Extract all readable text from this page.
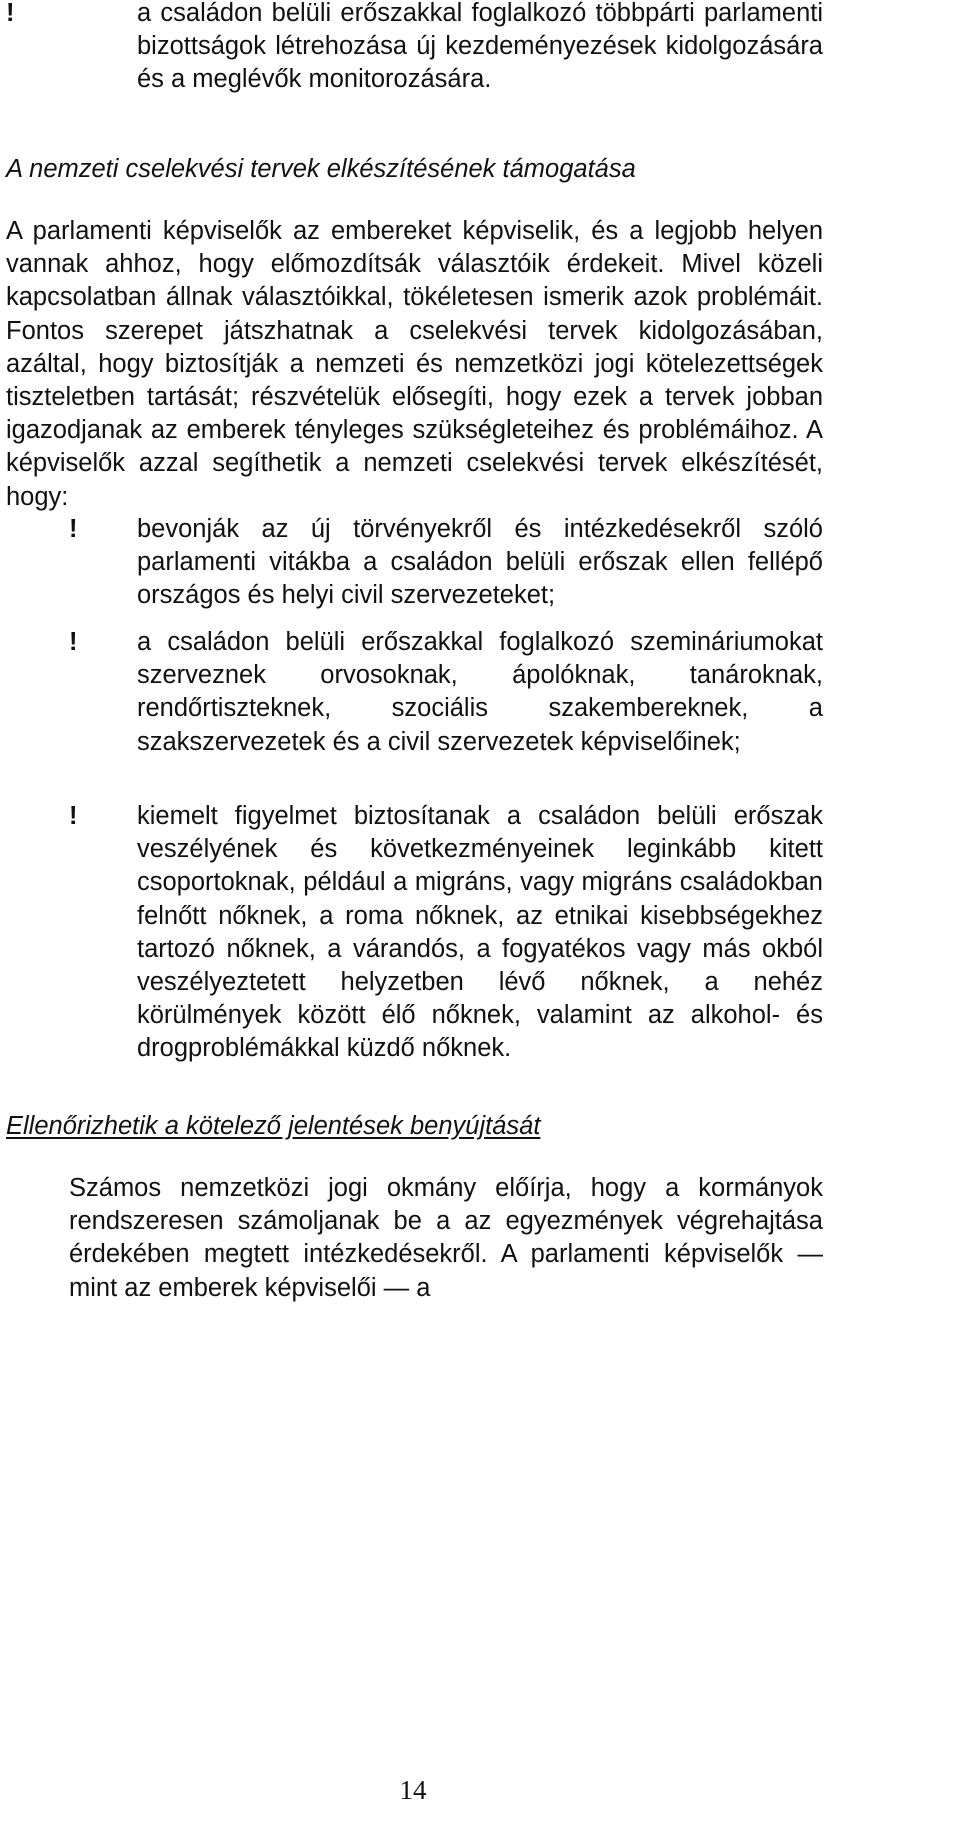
!	a családon belüli erőszakkal foglalkozó többpárti parlamenti bizottságok létrehozása új kezdeményezések kidolgozására és a meglévők monitorozására.
A nemzeti cselekvési tervek elkészítésének támogatása
A parlamenti képviselők az embereket képviselik, és a legjobb helyen vannak ahhoz, hogy előmozdítsák választóik érdekeit. Mivel közeli kapcsolatban állnak választóikkal, tökéletesen ismerik azok problémáit. Fontos szerepet játszhatnak a cselekvési tervek kidolgozásában, azáltal, hogy biztosítják a nemzeti és nemzetközi jogi kötelezettségek tiszteletben tartását; részvételük elősegíti, hogy ezek a tervek jobban igazodjanak az emberek tényleges szükségleteihez és problémáihoz. A képviselők azzal segíthetik a nemzeti cselekvési tervek elkészítését, hogy:
! bevonják az új törvényekről és intézkedésekről szóló parlamenti vitákba a családon belüli erőszak ellen fellépő országos és helyi civil szervezeteket;
! a családon belüli erőszakkal foglalkozó szemináriumokat szerveznek orvosoknak, ápolóknak, tanároknak, rendőrtiszteknek, szociális szakembereknek, a szakszervezetek és a civil szervezetek képviselőinek;
! kiemelt figyelmet biztosítanak a családon belüli erőszak veszélyének és következményeinek leginkább kitett csoportoknak, például a migráns, vagy migráns családokban felnőtt nőknek, a roma nőknek, az etnikai kisebbségekhez tartozó nőknek, a várandós, a fogyatékos vagy más okból veszélyeztetett helyzetben lévő nőknek, a nehéz körülmények között élő nőknek, valamint az alkohol- és drogproblémákkal küzdő nőknek.
Ellenőrizhetik a kötelező jelentések benyújtását
Számos nemzetközi jogi okmány előírja, hogy a kormányok rendszeresen számoljanak be a az egyezmények végrehajtása érdekében megtett intézkedésekről. A parlamenti képviselők — mint az emberek képviselői — a
14
